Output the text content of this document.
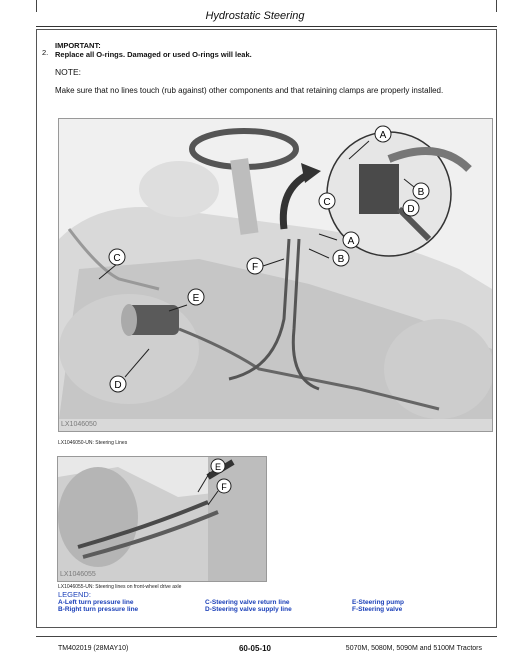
Hydrostatic Steering
2.
IMPORTANT:
Replace all O-rings. Damaged or used O-rings will leak.
NOTE:
Make sure that no lines touch (rub against) other components and that retaining clamps are properly installed.
A
B
C
D
A
B
C
D
E
F
LX1046050
LX1046050-UN: Steering Lines
E
F
LX1046055
LX1046055-UN: Steering lines on front-wheel drive axle
LEGEND:
A-Left turn pressure line
B-Right turn pressure line
C-Steering valve return line
D-Steering valve supply line
E-Steering pump
F-Steering valve
TM402019 (28MAY10)	60-05-10	5070M, 5080M, 5090M and 5100M Tractors
